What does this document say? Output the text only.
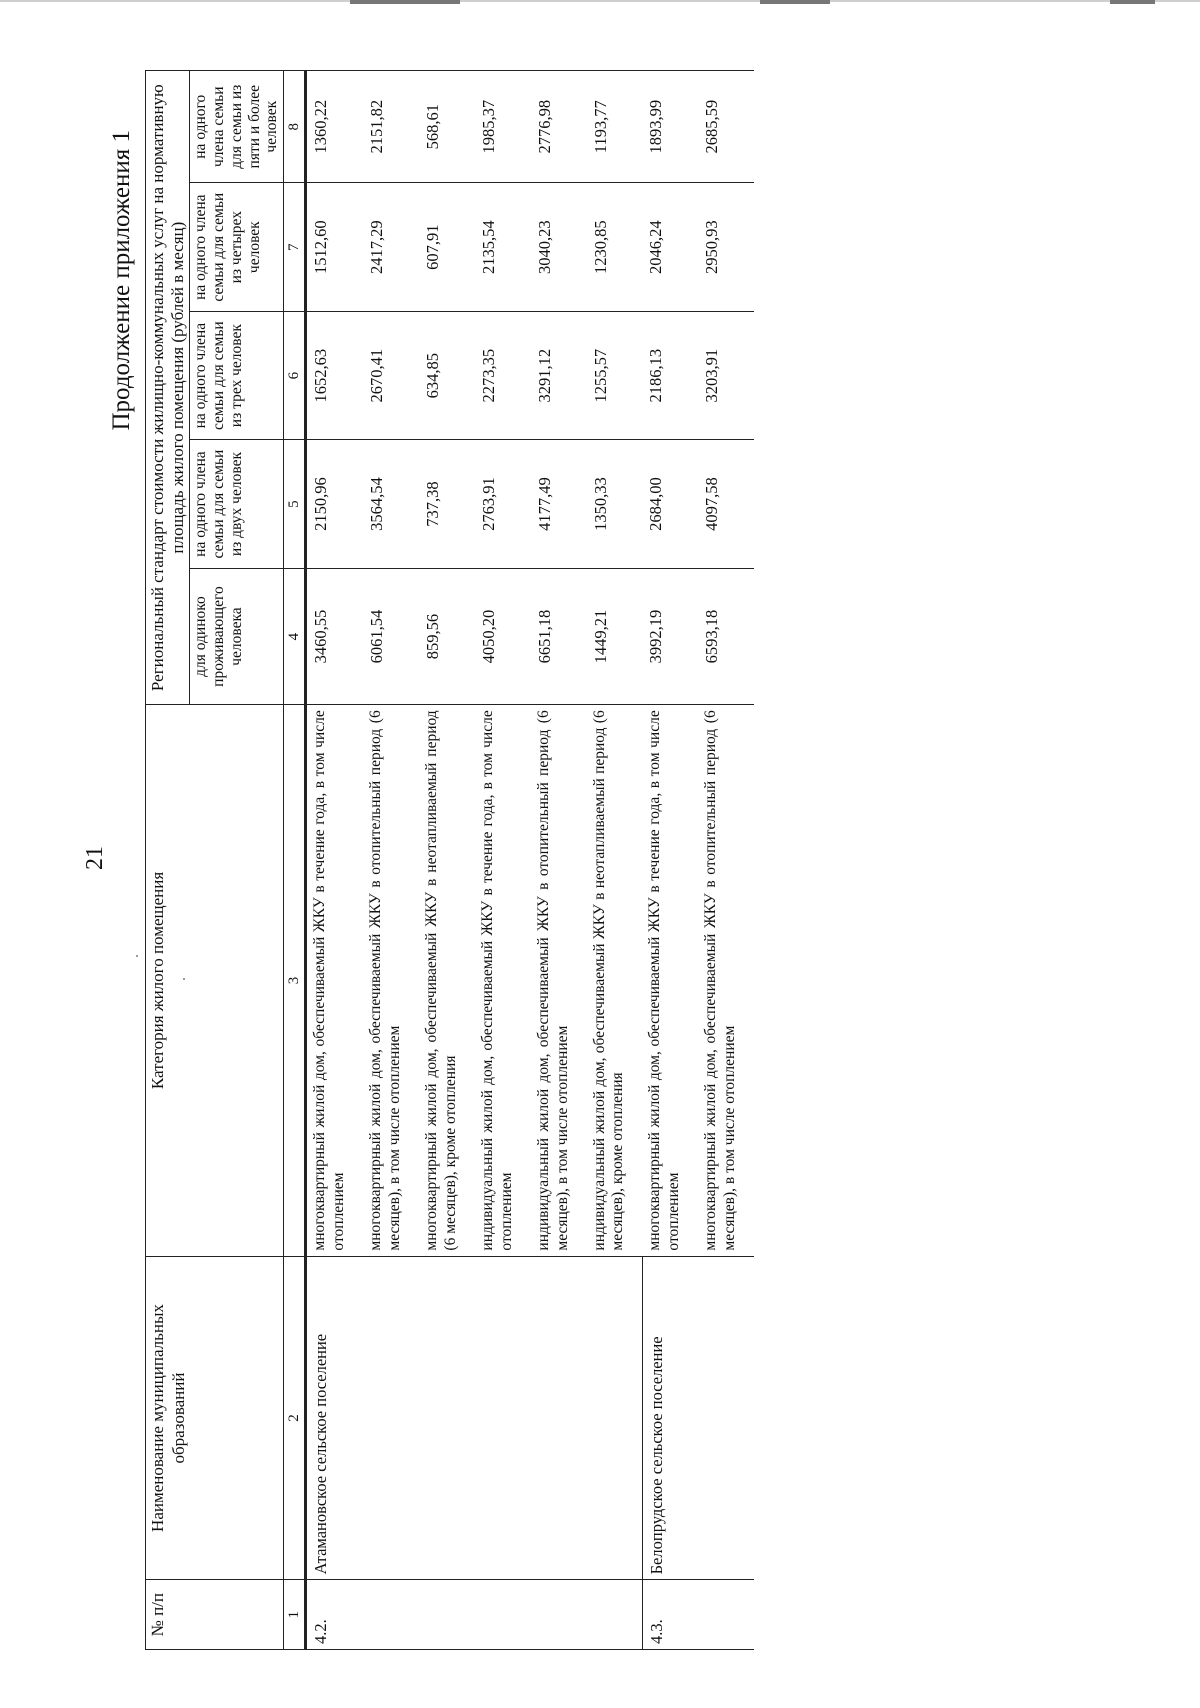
21
Продолжение приложения 1
№ п/п	Наименование муниципальных образований	Категория жилого помещения	Региональный стандарт стоимости жилищно-коммунальных услуг на нормативную площадь жилого помещения (рублей в месяц)				
			для одиноко проживающего человека	на одного члена семьи для семьи из двух человек	на одного члена семьи для семьи из трех человек	на одного члена семьи для семьи из четырех человек	на одного члена семьи для семьи из пяти и более человек
1	2	3	4	5	6	7	8
4.2.	Атамановское сельское поселение	многоквартирный жилой дом, обеспечиваемый ЖКУ в течение года, в том числе отоплением	3460,55	2150,96	1652,63	1512,60	1360,22
		многоквартирный жилой дом, обеспечиваемый ЖКУ в отопительный период (6 месяцев), в том числе отоплением	6061,54	3564,54	2670,41	2417,29	2151,82
		многоквартирный жилой дом, обеспечиваемый ЖКУ в неотапливаемый период (6 месяцев), кроме отопления	859,56	737,38	634,85	607,91	568,61
		индивидуальный жилой дом, обеспечиваемый ЖКУ в течение года, в том числе отоплением	4050,20	2763,91	2273,35	2135,54	1985,37
		индивидуальный жилой дом, обеспечиваемый ЖКУ в отопительный период (6 месяцев), в том числе отоплением	6651,18	4177,49	3291,12	3040,23	2776,98
		индивидуальный жилой дом, обеспечиваемый ЖКУ в неотапливаемый период (6 месяцев), кроме отопления	1449,21	1350,33	1255,57	1230,85	1193,77
4.3.	Белопрудское сельское поселение	многоквартирный жилой дом, обеспечиваемый ЖКУ в течение года, в том числе отоплением	3992,19	2684,00	2186,13	2046,24	1893,99
		многоквартирный жилой дом, обеспечиваемый ЖКУ в отопительный период (6 месяцев), в том числе отоплением	6593,18	4097,58	3203,91	2950,93	2685,59
